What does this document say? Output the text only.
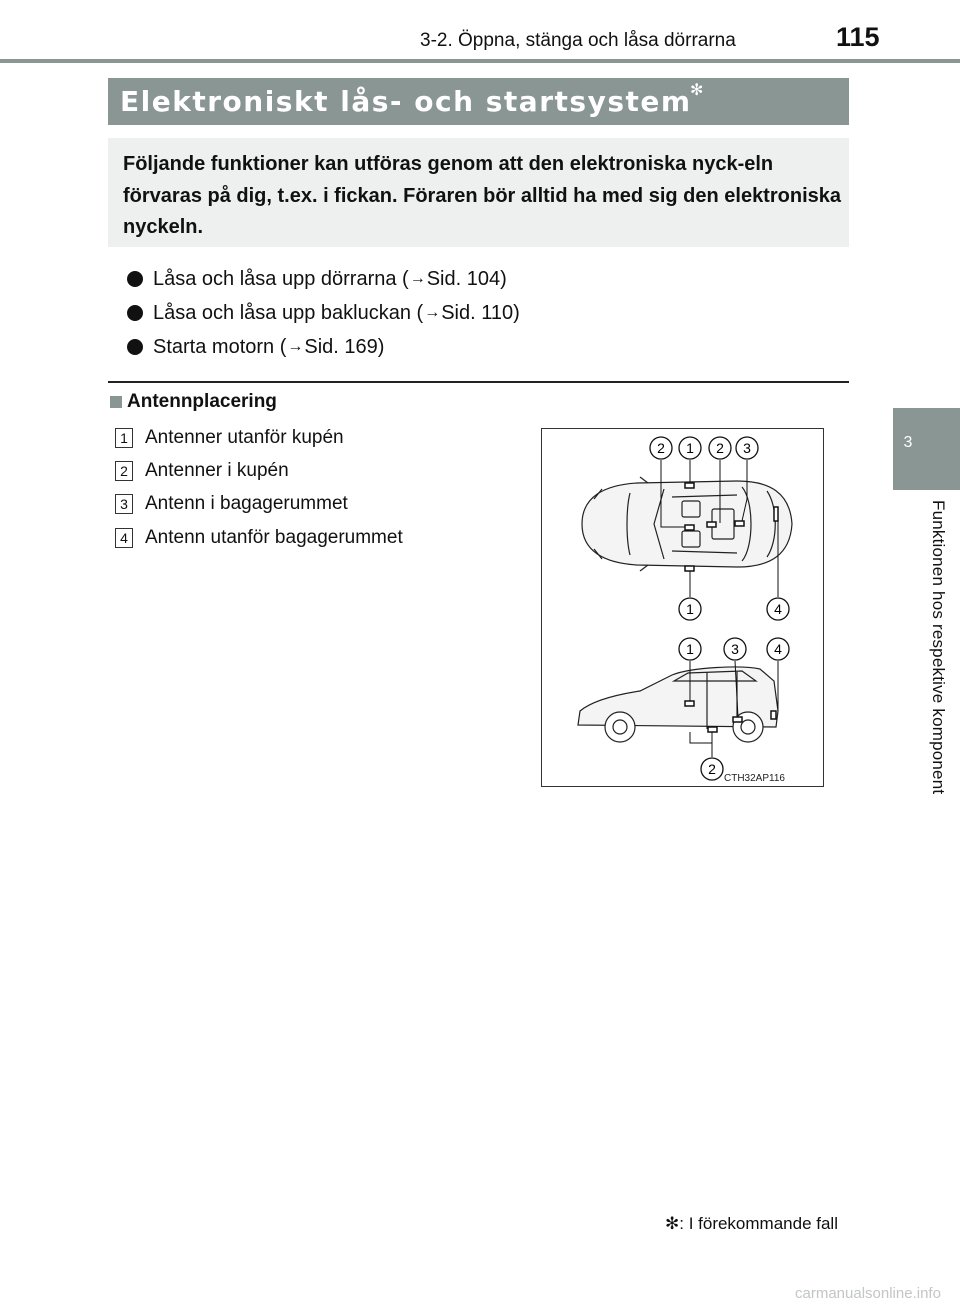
3-2. Öppna, stänga och låsa dörrarna	115
3
Funktionen hos respektive komponent
Elektroniskt lås- och startsystem
✻
Följande funktioner kan utföras genom att den elektroniska nyck-eln förvaras på dig, t.ex. i fickan. Föraren bör alltid ha med sig den elektroniska nyckeln.
Låsa och låsa upp dörrarna ( → Sid. 104)
Låsa och låsa upp bakluckan ( → Sid. 110)
Starta motorn ( → Sid. 169)
Antennplacering
1 Antenner utanför kupén
2 Antenner i kupén
3 Antenn i bagagerummet
4 Antenn utanför bagagerummet
2 1 2 3
1	4
1	3	4
2
CTH32AP116
✻: I förekommande fall
carmanualsonline.info
